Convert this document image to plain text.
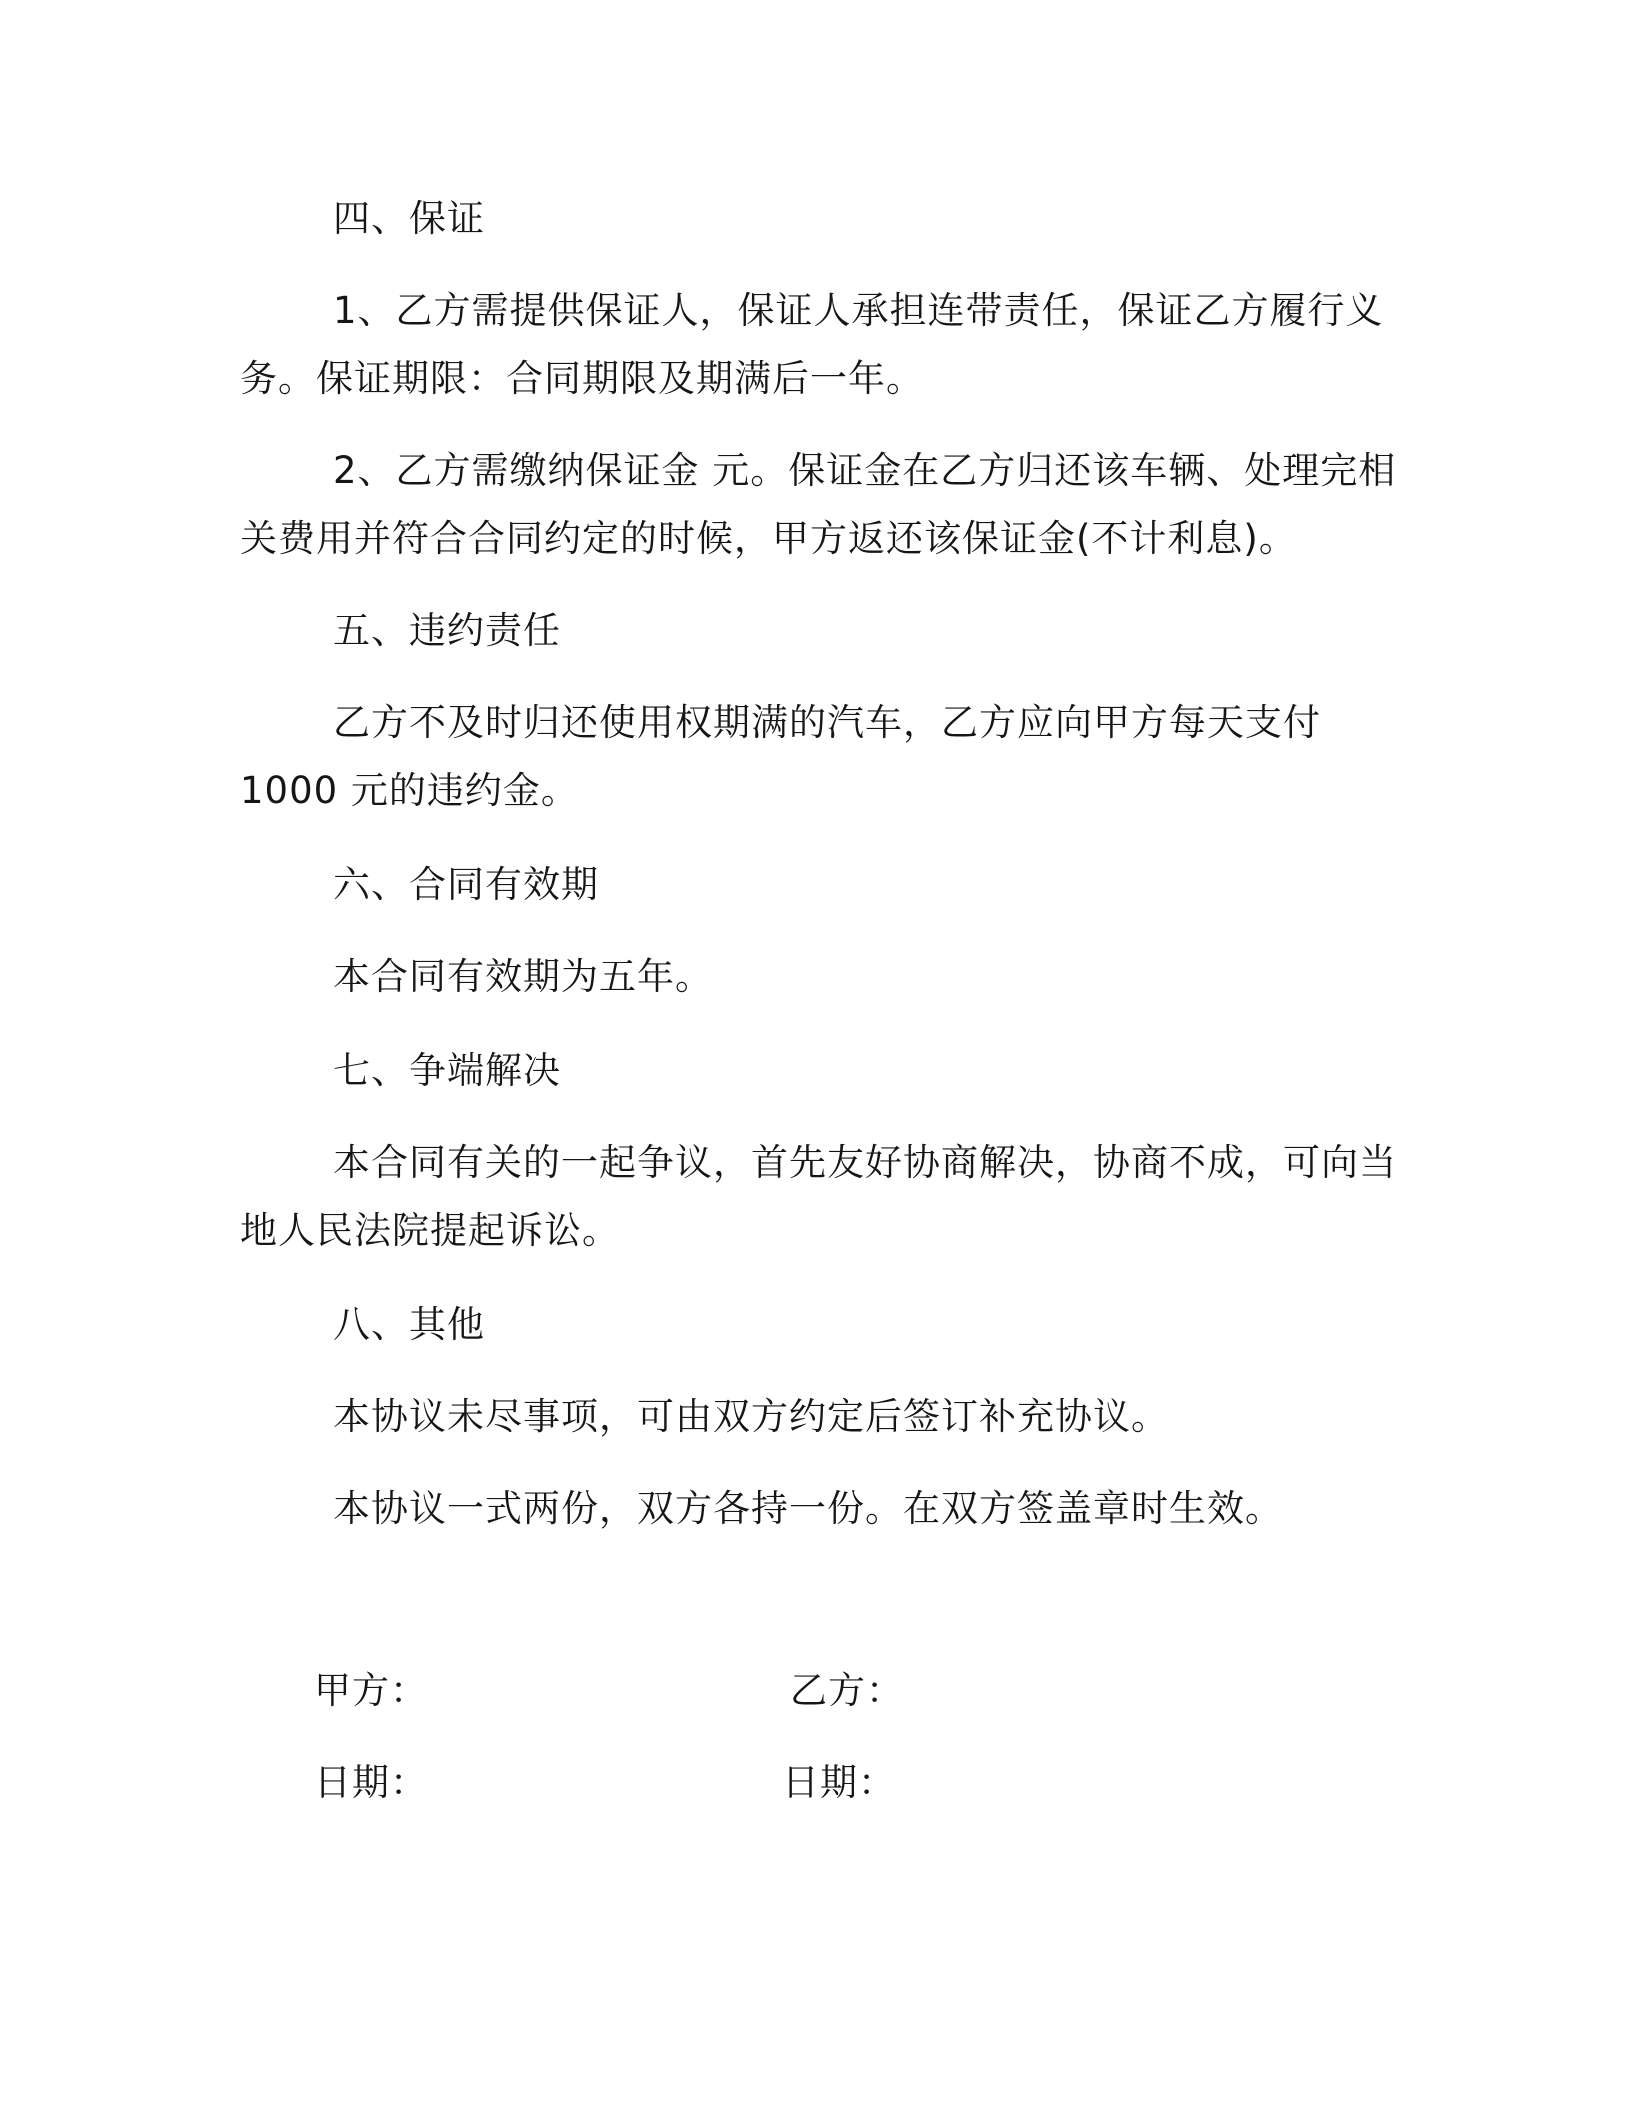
四、保证
1、乙方需提供保证人，保证人承担连带责任，保证乙方履行义
务。保证期限：合同期限及期满后一年。
2、乙方需缴纳保证金 元。保证金在乙方归还该车辆、处理完相
关费用并符合合同约定的时候，甲方返还该保证金(不计利息)。
五、违约责任
乙方不及时归还使用权期满的汽车，乙方应向甲方每天支付
1000 元的违约金。
六、合同有效期
本合同有效期为五年。
七、争端解决
本合同有关的一起争议，首先友好协商解决，协商不成，可向当
地人民法院提起诉讼。
八、其他
本协议未尽事项，可由双方约定后签订补充协议。
本协议一式两份，双方各持一份。在双方签盖章时生效。
甲方：	乙方：
日期：	日期：
